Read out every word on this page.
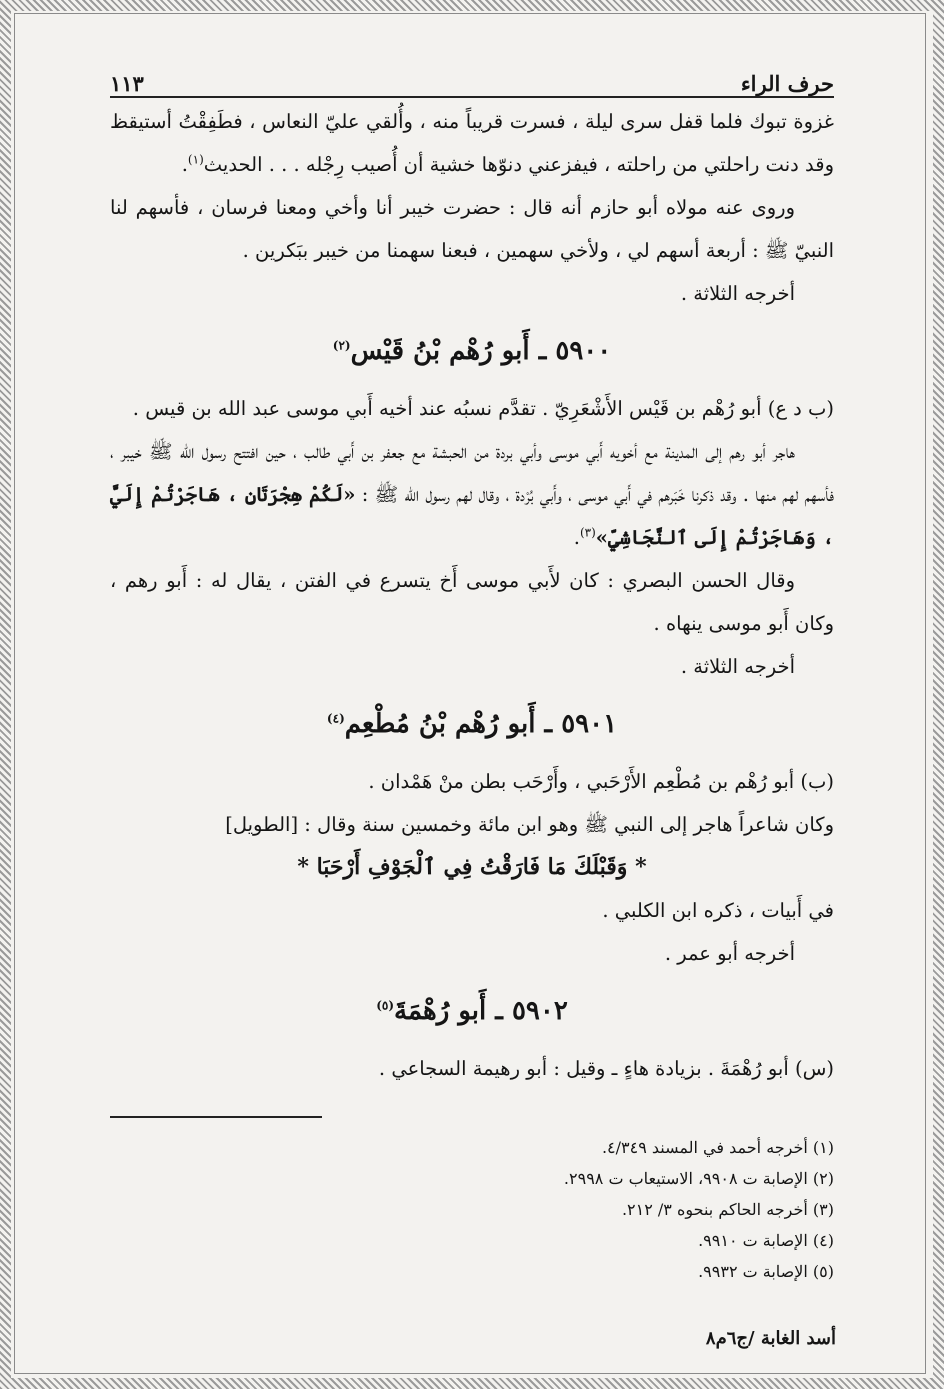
حرف الراء
١١٣

غزوة تبوك فلما قفل سرى ليلة ، فسرت قريباً منه ، وأُلقي عليّ النعاس ، فطَفِقْتُ أستيقظ وقد دنت راحلتي من راحلته ، فيفزعني دنوّها خشية أن أُصيب رِجْله . . . الحديث$^{(١)}$.

وروى عنه مولاه أبو حازم أنه قال : حضرت خيبر أنا وأخي ومعنا فرسان ، فأسهم لنا النبيّ ﷺ : أربعة أسهم لي ، ولأخي سهمين ، فبعنا سهمنا من خيبر ببَكرين .

أخرجه الثلاثة .

٥٩٠٠ ـ أَبو رُهْم بْنُ قَيْس$^{(٢)}$

(ب د ع) أبو رُهْم بن قَيْس الأَشْعَرِيّ . تقدَّم نسبُه عند أخيه أَبي موسى عبد الله بن قيس .

هاجر أبو رهم إلى المدينة مع أخويه أَبي موسى وأبي بردة من الحبشة مع جعفر بن أَبي طالب ، حين افتتح رسول الله ﷺ خيبر ، فأسهم لهم منها . وقد ذكرنا خَبَرهم في أَبي موسى ، وأَبي بُرْدة ، وقال لهم رسول الله ﷺ : «لَكُمْ هِجْرَتَانِ ، هَاجَرْتُمْ إِلَيَّ ، وَهَاجَرْتُمْ إِلَى ٱلنَّجَاشِيِّ»$^{(٣)}$.

وقال الحسن البصري : كان لأَبي موسى أَخ يتسرع في الفتن ، يقال له : أَبو رهم ، وكان أَبو موسى ينهاه .

أخرجه الثلاثة .

٥٩٠١ ـ أَبو رُهْم بْنُ مُطْعِم$^{(٤)}$

(ب) أبو رُهْم بن مُطْعِم الأَرْحَبي ، وأَرْحَب بطن منْ هَمْدان .

وكان شاعراً هاجر إلى النبي ﷺ وهو ابن مائة وخمسين سنة وقال : [الطويل]

* وَقَبْلَكَ مَا فَارَقْتُ فِي ٱلْجَوْفِ أَرْحَبَا *

في أَبيات ، ذكره ابن الكلبي .

أخرجه أبو عمر .

٥٩٠٢ ـ أَبو رُهْمَةَ$^{(٥)}$

(س) أبو رُهْمَةَ . بزيادة هاءٍ ـ وقيل : أبو رهيمة السجاعي .

(١) أخرجه أحمد في المسند ٤/٣٤٩.
(٢) الإصابة ت ٩٩٠٨، الاستيعاب ت ٢٩٩٨.
(٣) أخرجه الحاكم بنحوه ٣/ ٢١٢.
(٤) الإصابة ت ٩٩١٠.
(٥) الإصابة ت ٩٩٣٢.
أسد الغابة /ج٦م٨
